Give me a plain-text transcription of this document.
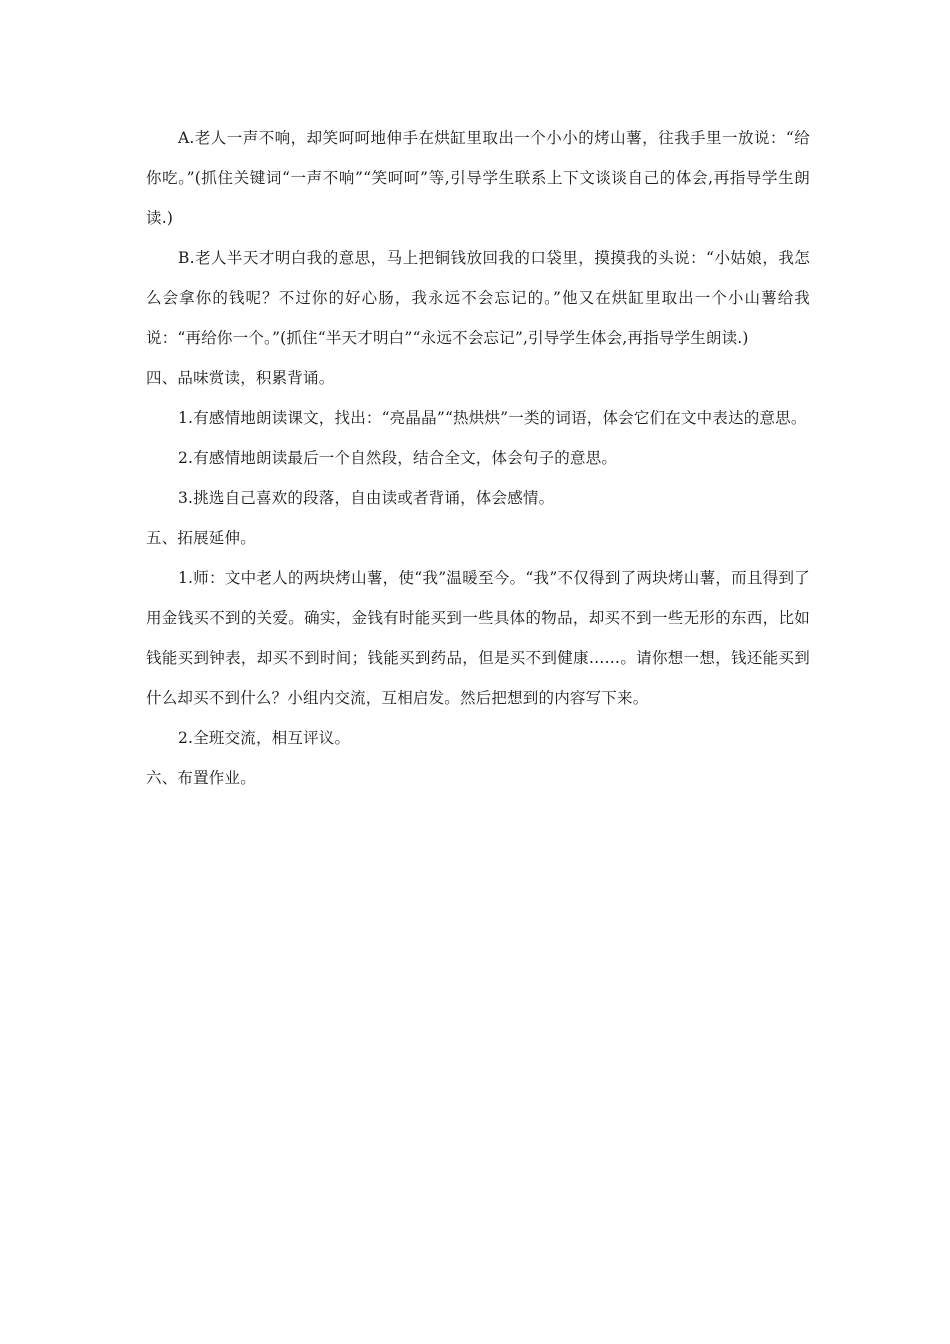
A.老人一声不响，却笑呵呵地伸手在烘缸里取出一个小小的烤山薯，往我手里一放说：“给你吃。”(抓住关键词“一声不响”“笑呵呵”等,引导学生联系上下文谈谈自己的体会,再指导学生朗读.)

B.老人半天才明白我的意思，马上把铜钱放回我的口袋里，摸摸我的头说：“小姑娘，我怎么会拿你的钱呢？不过你的好心肠，我永远不会忘记的。”他又在烘缸里取出一个小山薯给我说：“再给你一个。”(抓住“半天才明白”“永远不会忘记”,引导学生体会,再指导学生朗读.)

四、品味赏读，积累背诵。

1.有感情地朗读课文，找出：“亮晶晶”“热烘烘”一类的词语，体会它们在文中表达的意思。

2.有感情地朗读最后一个自然段，结合全文，体会句子的意思。

3.挑选自己喜欢的段落，自由读或者背诵，体会感情。

五、拓展延伸。

1.师：文中老人的两块烤山薯，使“我”温暖至今。“我”不仅得到了两块烤山薯，而且得到了用金钱买不到的关爱。确实，金钱有时能买到一些具体的物品，却买不到一些无形的东西，比如钱能买到钟表，却买不到时间；钱能买到药品，但是买不到健康……。请你想一想，钱还能买到什么却买不到什么？小组内交流，互相启发。然后把想到的内容写下来。

2.全班交流，相互评议。

六、布置作业。
